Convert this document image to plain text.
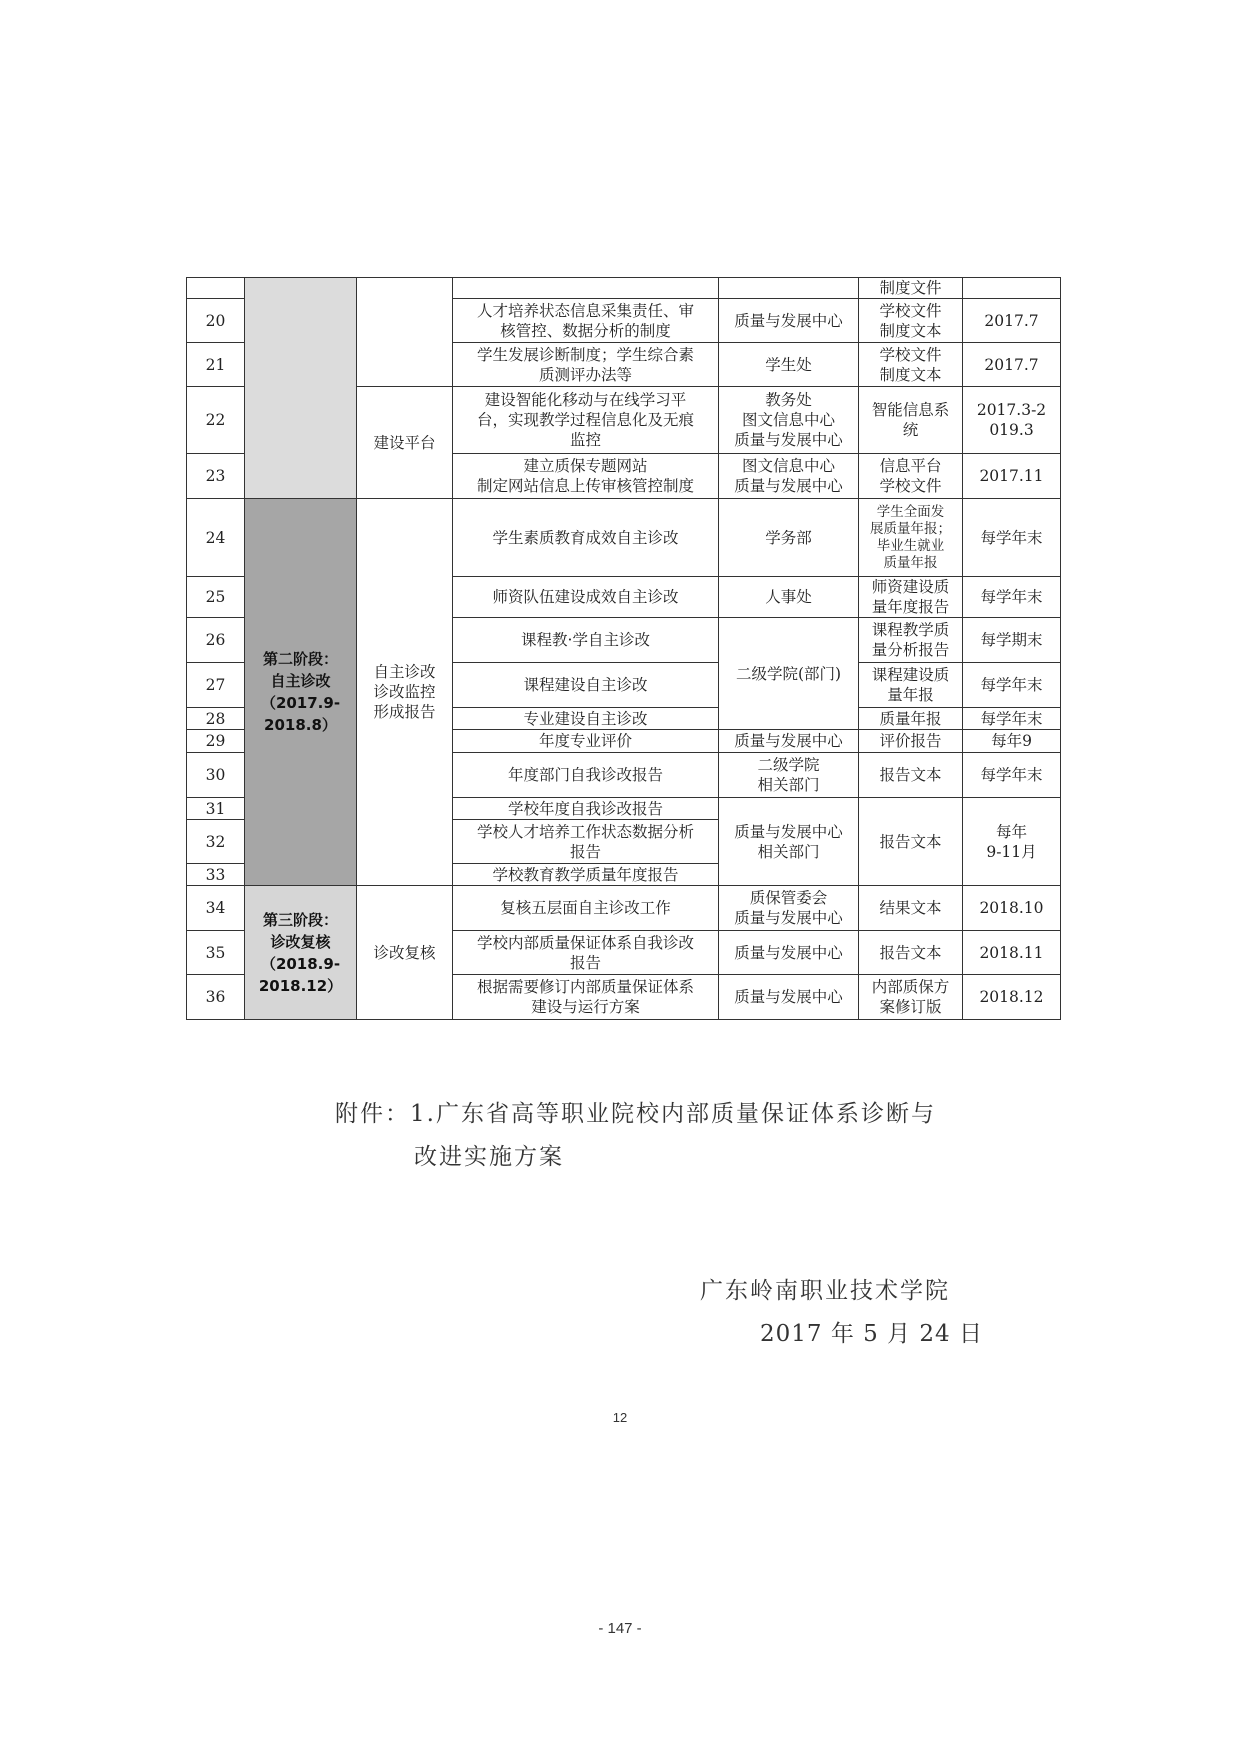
					制度文件	
20			人才培养状态信息采集责任、审
核管控、数据分析的制度	质量与发展中心	学校文件
制度文本	2017.7
21			学生发展诊断制度；学生综合素
质测评办法等	学生处	学校文件
制度文本	2017.7
22		建设平台	建设智能化移动与在线学习平
台，实现教学过程信息化及无痕
监控	教务处
图文信息中心
质量与发展中心	智能信息系
统	2017.3-2
019.3
23			建立质保专题网站
制定网站信息上传审核管控制度	图文信息中心
质量与发展中心	信息平台
学校文件	2017.11
24	第二阶段：
自主诊改
（2017.9-
2018.8）	自主诊改
诊改监控
形成报告	学生素质教育成效自主诊改	学务部	学生全面发
展质量年报；
毕业生就业
质量年报	每学年末
25			师资队伍建设成效自主诊改	人事处	师资建设质
量年度报告	每学年末
26			课程教·学自主诊改	二级学院(部门)	课程教学质
量分析报告	每学期末
27			课程建设自主诊改		课程建设质
量年报	每学年末
28			专业建设自主诊改		质量年报	每学年末
29			年度专业评价	质量与发展中心	评价报告	每年9
30			年度部门自我诊改报告	二级学院
相关部门	报告文本	每学年末
31			学校年度自我诊改报告	质量与发展中心
相关部门	报告文本	每年
9-11月
32			学校人才培养工作状态数据分析
报告			
33			学校教育教学质量年度报告			
34	第三阶段：
诊改复核
（2018.9-
2018.12）	诊改复核	复核五层面自主诊改工作	质保管委会
质量与发展中心	结果文本	2018.10
35			学校内部质量保证体系自我诊改
报告	质量与发展中心	报告文本	2018.11
36			根据需要修订内部质量保证体系
建设与运行方案	质量与发展中心	内部质保方
案修订版	2018.12
附件：1.广东省高等职业院校内部质量保证体系诊断与
改进实施方案
广东岭南职业技术学院
2017 年 5 月 24 日
12
- 147 -
